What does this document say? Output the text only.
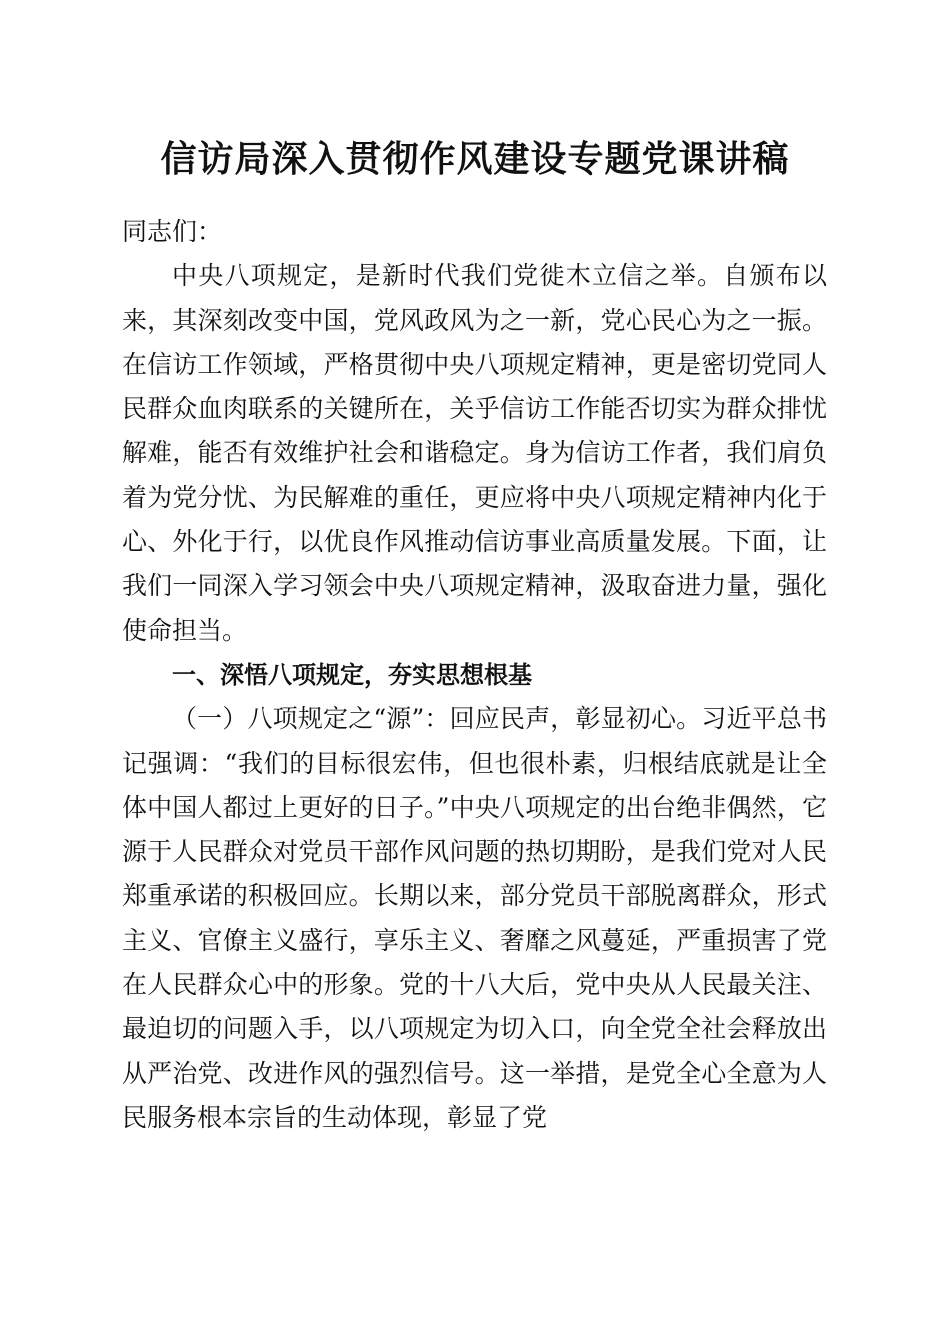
信访局深入贯彻作风建设专题党课讲稿

同志们：

中央八项规定，是新时代我们党徙木立信之举。自颁布以来，其深刻改变中国，党风政风为之一新，党心民心为之一振。在信访工作领域，严格贯彻中央八项规定精神，更是密切党同人民群众血肉联系的关键所在，关乎信访工作能否切实为群众排忧解难，能否有效维护社会和谐稳定。身为信访工作者，我们肩负着为党分忧、为民解难的重任，更应将中央八项规定精神内化于心、外化于行，以优良作风推动信访事业高质量发展。下面，让我们一同深入学习领会中央八项规定精神，汲取奋进力量，强化使命担当。

一、深悟八项规定，夯实思想根基

（一）八项规定之“源”：回应民声，彰显初心。习近平总书记强调：“我们的目标很宏伟，但也很朴素，归根结底就是让全体中国人都过上更好的日子。”中央八项规定的出台绝非偶然，它源于人民群众对党员干部作风问题的热切期盼，是我们党对人民郑重承诺的积极回应。长期以来，部分党员干部脱离群众，形式主义、官僚主义盛行，享乐主义、奢靡之风蔓延，严重损害了党在人民群众心中的形象。党的十八大后，党中央从人民最关注、最迫切的问题入手，以八项规定为切入口，向全党全社会释放出从严治党、改进作风的强烈信号。这一举措，是党全心全意为人民服务根本宗旨的生动体现，彰显了党
